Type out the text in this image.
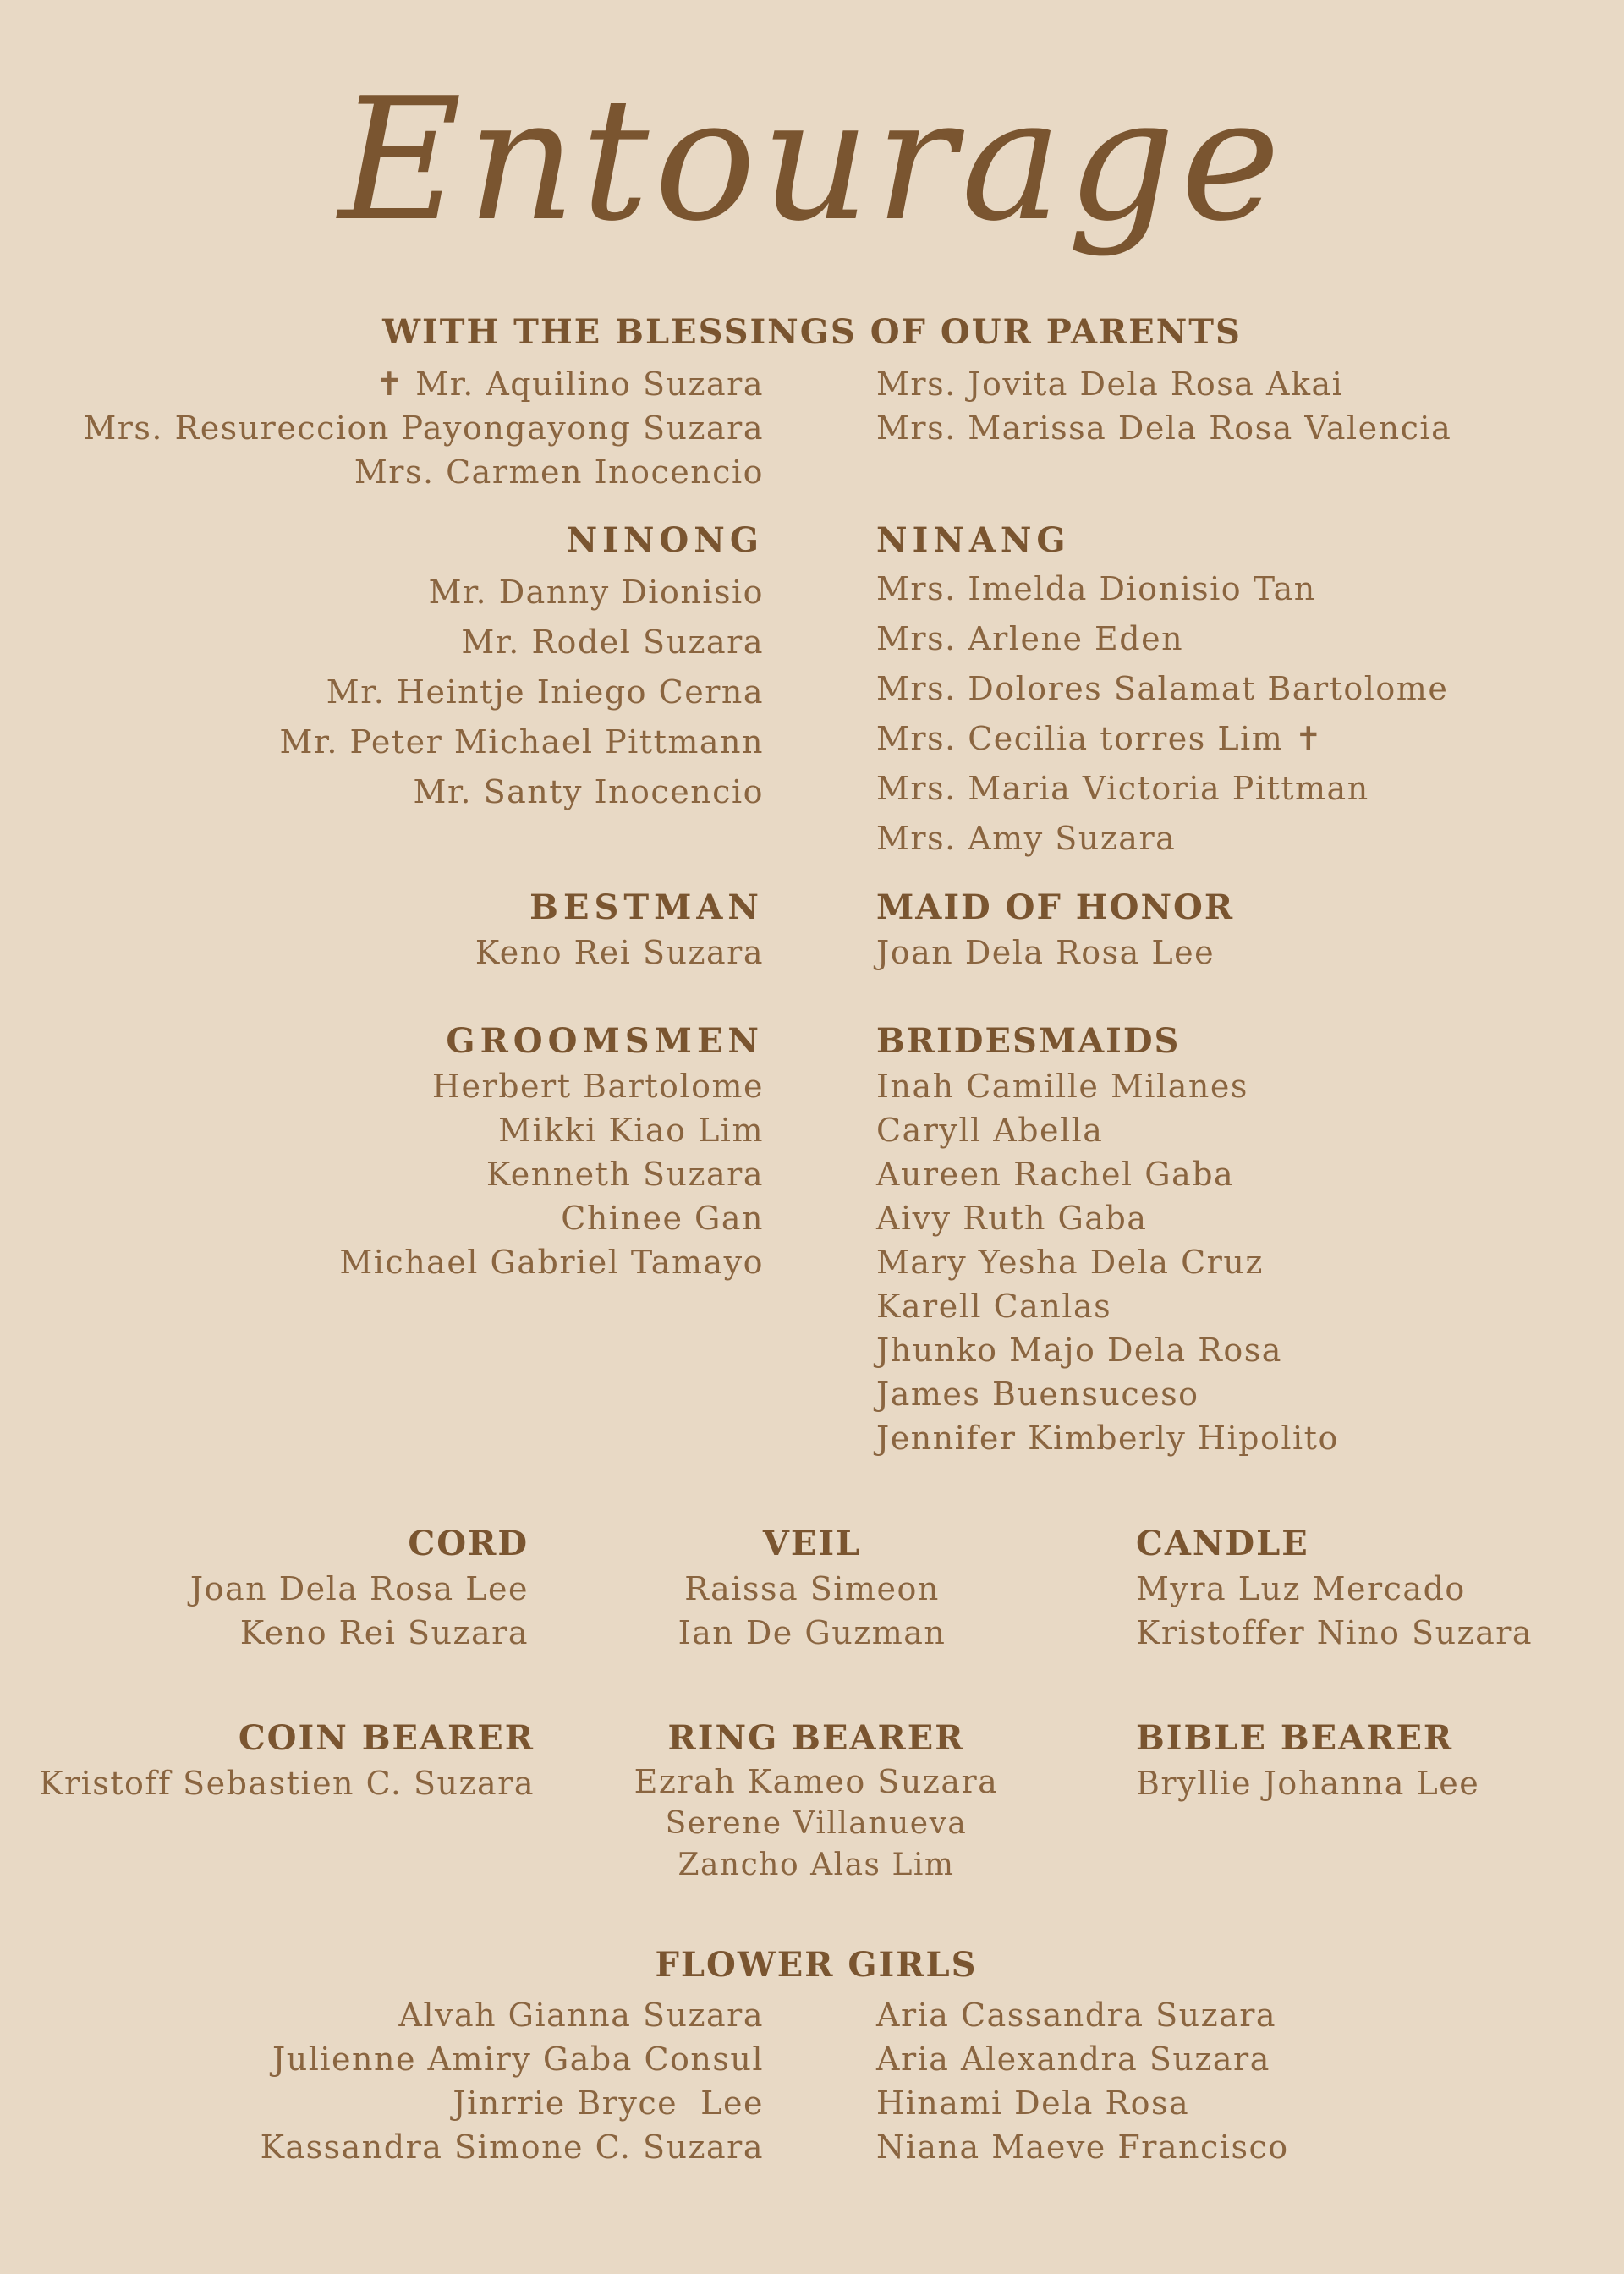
Entourage
WITH THE BLESSINGS OF OUR PARENTS
✝ Mr. Aquilino Suzara
Mrs. Resureccion Payongayong Suzara
Mrs. Carmen Inocencio
Mrs. Jovita Dela Rosa Akai
Mrs. Marissa Dela Rosa Valencia
NINONG
Mr. Danny Dionisio
Mr. Rodel Suzara
Mr. Heintje Iniego Cerna
Mr. Peter Michael Pittmann
Mr. Santy Inocencio
NINANG
Mrs. Imelda Dionisio Tan
Mrs. Arlene Eden
Mrs. Dolores Salamat Bartolome
Mrs. Cecilia torres Lim ✝
Mrs. Maria Victoria Pittman
Mrs. Amy Suzara
BESTMAN
Keno Rei Suzara
MAID OF HONOR
Joan Dela Rosa Lee
GROOMSMEN
Herbert Bartolome
Mikki Kiao Lim
Kenneth Suzara
Chinee Gan
Michael Gabriel Tamayo
BRIDESMAIDS
Inah Camille Milanes
Caryll Abella
Aureen Rachel Gaba
Aivy Ruth Gaba
Mary Yesha Dela Cruz
Karell Canlas
Jhunko Majo Dela Rosa
James Buensuceso
Jennifer Kimberly Hipolito
CORD
Joan Dela Rosa Lee
Keno Rei Suzara
VEIL
Raissa Simeon
Ian De Guzman
CANDLE
Myra Luz Mercado
Kristoffer Nino Suzara
COIN BEARER
Kristoff Sebastien C. Suzara
RING BEARER
Ezrah Kameo Suzara
Serene Villanueva
Zancho Alas Lim
BIBLE BEARER
Bryllie Johanna Lee
FLOWER GIRLS
Alvah Gianna Suzara
Julienne Amiry Gaba Consul
Jinrrie Bryce  Lee
Kassandra Simone C. Suzara
Aria Cassandra Suzara
Aria Alexandra Suzara
Hinami Dela Rosa
Niana Maeve Francisco
